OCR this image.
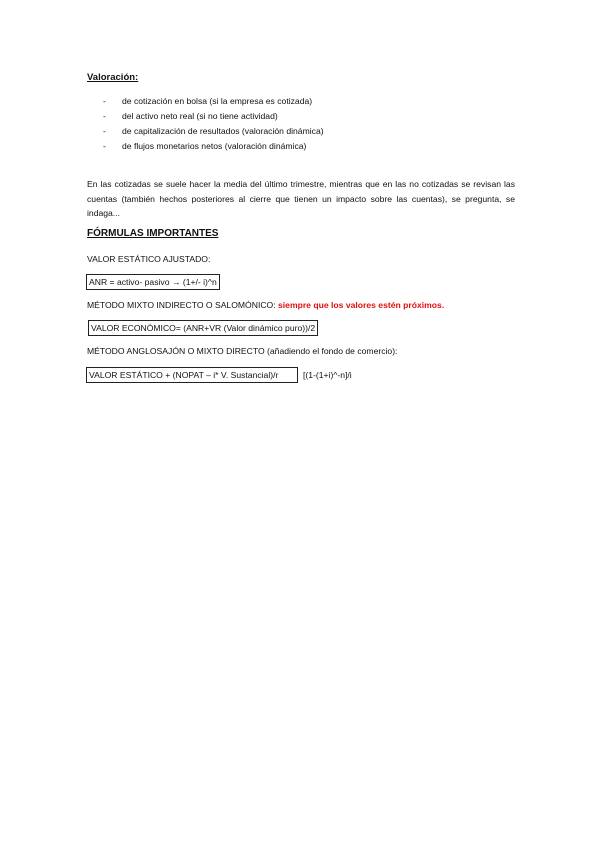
Valoración:
- de cotización en bolsa (si la empresa es cotizada)
- del activo neto real (si no tiene actividad)
- de capitalización de resultados (valoración dinámica)
- de flujos monetarios netos (valoración dinámica)

En las cotizadas se suele hacer la media del último trimestre, mientras que en las no cotizadas se revisan las cuentas (también hechos posteriores al cierre que tienen un impacto sobre las cuentas), se pregunta, se indaga...

FÓRMULAS IMPORTANTES
VALOR ESTÁTICO AJUSTADO:
ANR = activo- pasivo → (1+/- i)^n
MÉTODO MIXTO INDIRECTO O SALOMÓNICO: siempre que los valores estén próximos.
VALOR ECONÓMICO= (ANR+VR (Valor dinámico puro))/2
MÉTODO ANGLOSAJÓN O MIXTO DIRECTO (añadiendo el fondo de comercio):
VALOR ESTÁTICO + (NOPAT – i* V. Sustancial)/r	[(1-(1+i)^-n]/i
